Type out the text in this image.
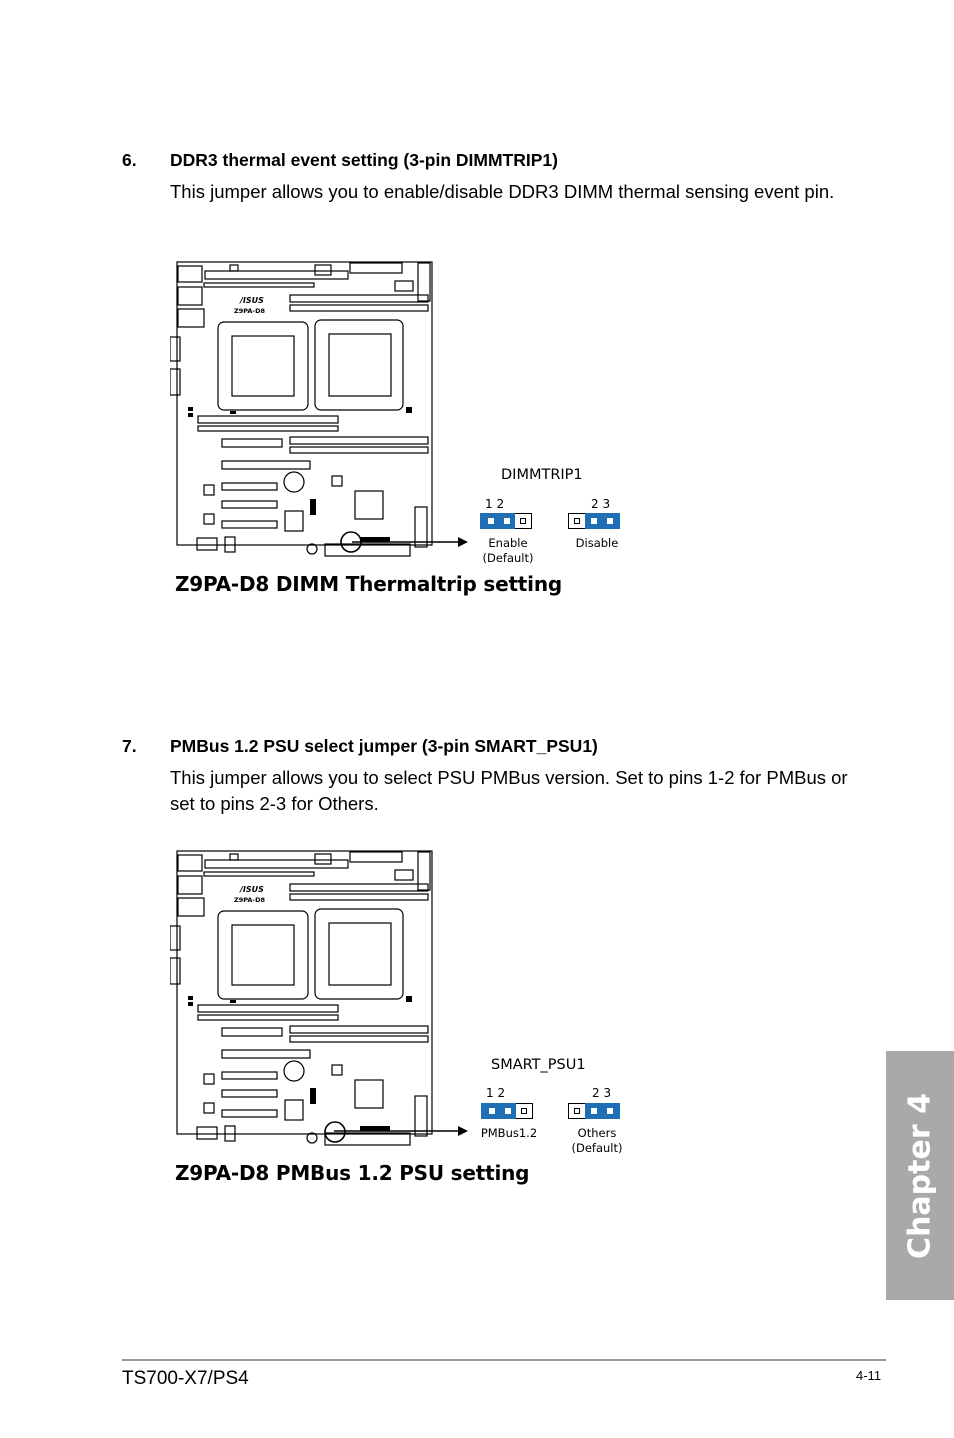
6. DDR3 thermal event setting (3-pin DIMMTRIP1)
This jumper allows you to enable/disable DDR3 DIMM thermal sensing event pin.
/ISUS
Z9PA-D8
DIMMTRIP1
1 2	2 3
Enable
(Default)
Disable
Z9PA-D8 DIMM Thermaltrip setting
7. PMBus 1.2 PSU select jumper (3-pin SMART_PSU1)
This jumper allows you to select PSU PMBus version. Set to pins 1-2 for PMBus or set to pins 2-3 for Others.
/ISUS
Z9PA-D8
SMART_PSU1
1 2	2 3
PMBus1.2	Others
(Default)
Z9PA-D8 PMBus 1.2 PSU setting	Chapter 4
TS700-X7/PS4	4-11
